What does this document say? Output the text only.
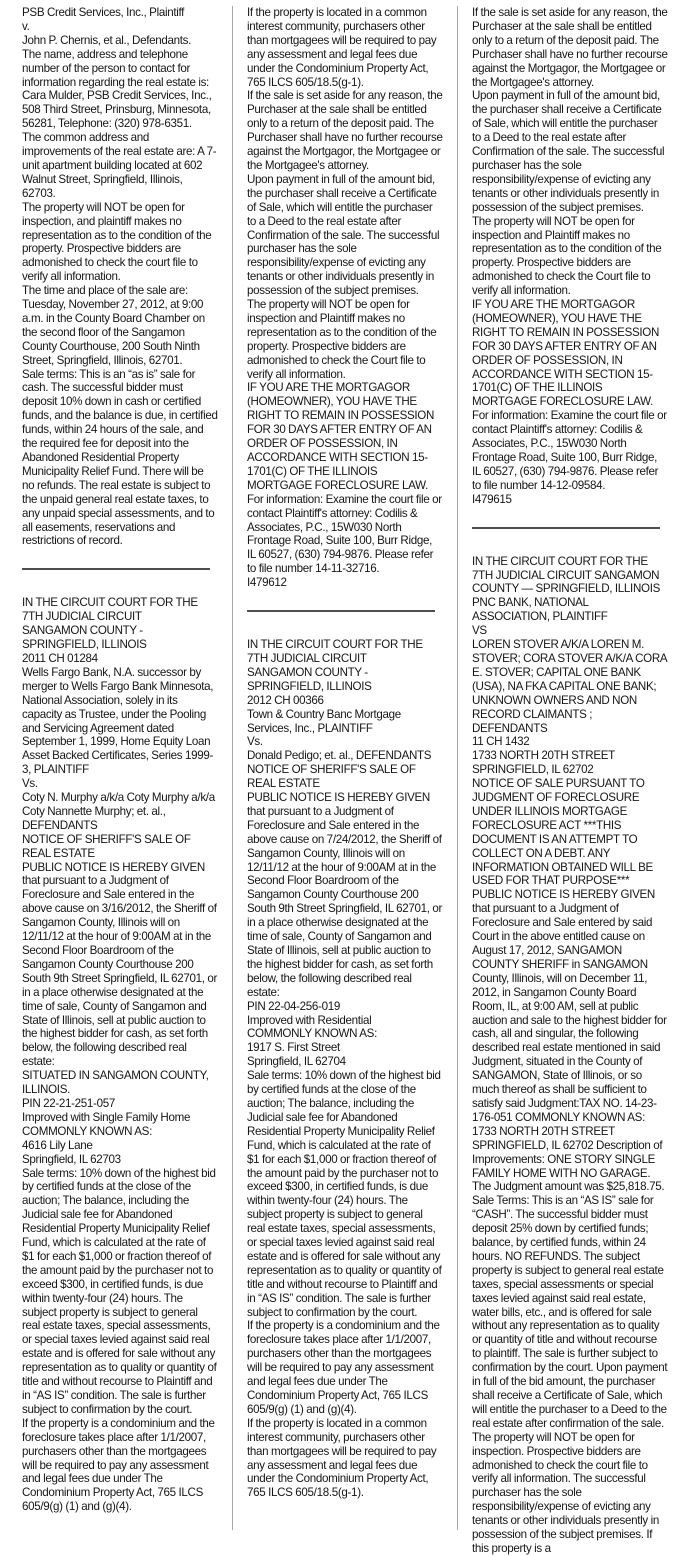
PSB Credit Services, Inc., Plaintiff

v.

John P. Chernis, et al., Defendants.

The name, address and telephone number of the person to contact for information regarding the real estate is: Cara Mulder, PSB Credit Services, Inc., 508 Third Street, Prinsburg, Minnesota, 56281, Telephone: (320) 978-6351.

The common address and improvements of the real estate are: A 7-unit apartment building located at 602 Walnut Street, Springfield, Illinois, 62703.

The property will NOT be open for inspection, and plaintiff makes no representation as to the condition of the property. Prospective bidders are admonished to check the court file to verify all information.

The time and place of the sale are: Tuesday, November 27, 2012, at 9:00 a.m. in the County Board Chamber on the second floor of the Sangamon County Courthouse, 200 South Ninth Street, Springfield, Illinois, 62701.

Sale terms: This is an “as is” sale for cash. The successful bidder must deposit 10% down in cash or certified funds, and the balance is due, in certified funds, within 24 hours of the sale, and the required fee for deposit into the Abandoned Residential Property Municipality Relief Fund. There will be no refunds. The real estate is subject to the unpaid general real estate taxes, to any unpaid special assessments, and to all easements, reservations and restrictions of record.

IN THE CIRCUIT COURT FOR THE 7TH JUDICIAL CIRCUIT

SANGAMON COUNTY - SPRINGFIELD, ILLINOIS

2011 CH 01284

Wells Fargo Bank, N.A. successor by merger to Wells Fargo Bank Minnesota, National Association, solely in its capacity as Trustee, under the Pooling and Servicing Agreement dated September 1, 1999, Home Equity Loan Asset Backed Certificates, Series 1999-3, PLAINTIFF

Vs.

Coty N. Murphy a/k/a Coty Murphy a/k/a Coty Nannette Murphy; et. al., DEFENDANTS

NOTICE OF SHERIFF'S SALE OF REAL ESTATE

PUBLIC NOTICE IS HEREBY GIVEN that pursuant to a Judgment of Foreclosure and Sale entered in the above cause on 3/16/2012, the Sheriff of Sangamon County, Illinois will on 12/11/12 at the hour of 9:00AM at in the Second Floor Boardroom of the Sangamon County Courthouse 200 South 9th Street Springfield, IL 62701, or in a place otherwise designated at the time of sale, County of Sangamon and State of Illinois, sell at public auction to the highest bidder for cash, as set forth below, the following described real estate:

SITUATED IN SANGAMON COUNTY, ILLINOIS.

PIN 22-21-251-057

Improved with Single Family Home

COMMONLY KNOWN AS:

4616 Lily Lane

Springfield, IL 62703

Sale terms: 10% down of the highest bid by certified funds at the close of the auction; The balance, including the Judicial sale fee for Abandoned Residential Property Municipality Relief Fund, which is calculated at the rate of $1 for each $1,000 or fraction thereof of the amount paid by the purchaser not to exceed $300, in certified funds, is due within twenty-four (24) hours. The subject property is subject to general real estate taxes, special assessments, or special taxes levied against said real estate and is offered for sale without any representation as to quality or quantity of title and without recourse to Plaintiff and in “AS IS” condition. The sale is further subject to confirmation by the court.

If the property is a condominium and the foreclosure takes place after 1/1/2007, purchasers other than the mortgagees will be required to pay any assessment and legal fees due under The Condominium Property Act, 765 ILCS 605/9(g) (1) and (g)(4).

If the property is located in a common interest community, purchasers other than mortgagees will be required to pay any assessment and legal fees due under the Condominium Property Act, 765 ILCS 605/18.5(g-1).

If the sale is set aside for any reason, the Purchaser at the sale shall be entitled only to a return of the deposit paid. The Purchaser shall have no further recourse against the Mortgagor, the Mortgagee or the Mortgagee's attorney.

Upon payment in full of the amount bid, the purchaser shall receive a Certificate of Sale, which will entitle the purchaser to a Deed to the real estate after Confirmation of the sale. The successful purchaser has the sole responsibility/expense of evicting any tenants or other individuals presently in possession of the subject premises.

The property will NOT be open for inspection and Plaintiff makes no representation as to the condition of the property. Prospective bidders are admonished to check the Court file to verify all information.

IF YOU ARE THE MORTGAGOR (HOMEOWNER), YOU HAVE THE RIGHT TO REMAIN IN POSSESSION FOR 30 DAYS AFTER ENTRY OF AN ORDER OF POSSESSION, IN ACCORDANCE WITH SECTION 15-1701(C) OF THE ILLINOIS MORTGAGE FORECLOSURE LAW.

For information: Examine the court file or contact Plaintiff's attorney: Codilis & Associates, P.C., 15W030 North Frontage Road, Suite 100, Burr Ridge, IL 60527, (630) 794-9876. Please refer to file number 14-11-32716.

I479612

IN THE CIRCUIT COURT FOR THE 7TH JUDICIAL CIRCUIT

SANGAMON COUNTY - SPRINGFIELD, ILLINOIS

2012 CH 00366

Town & Country Banc Mortgage Services, Inc., PLAINTIFF

Vs.

Donald Pedigo; et. al., DEFENDANTS

NOTICE OF SHERIFF'S SALE OF REAL ESTATE

PUBLIC NOTICE IS HEREBY GIVEN that pursuant to a Judgment of Foreclosure and Sale entered in the above cause on 7/24/2012, the Sheriff of Sangamon County, Illinois will on 12/11/12 at the hour of 9:00AM at in the Second Floor Boardroom of the Sangamon County Courthouse 200 South 9th Street Springfield, IL 62701, or in a place otherwise designated at the time of sale, County of Sangamon and State of Illinois, sell at public auction to the highest bidder for cash, as set forth below, the following described real estate:

PIN 22-04-256-019

Improved with Residential

COMMONLY KNOWN AS:

1917 S. First Street

Springfield, IL 62704

Sale terms: 10% down of the highest bid by certified funds at the close of the auction; The balance, including the Judicial sale fee for Abandoned Residential Property Municipality Relief Fund, which is calculated at the rate of $1 for each $1,000 or fraction thereof of the amount paid by the purchaser not to exceed $300, in certified funds, is due within twenty-four (24) hours. The subject property is subject to general real estate taxes, special assessments, or special taxes levied against said real estate and is offered for sale without any representation as to quality or quantity of title and without recourse to Plaintiff and in “AS IS” condition. The sale is further subject to confirmation by the court.

If the property is a condominium and the foreclosure takes place after 1/1/2007, purchasers other than the mortgagees will be required to pay any assessment and legal fees due under The Condominium Property Act, 765 ILCS 605/9(g) (1) and (g)(4).

If the property is located in a common interest community, purchasers other than mortgagees will be required to pay any assessment and legal fees due under the Condominium Property Act, 765 ILCS 605/18.5(g-1).

If the sale is set aside for any reason, the Purchaser at the sale shall be entitled only to a return of the deposit paid. The Purchaser shall have no further recourse against the Mortgagor, the Mortgagee or the Mortgagee's attorney.

Upon payment in full of the amount bid, the purchaser shall receive a Certificate of Sale, which will entitle the purchaser to a Deed to the real estate after Confirmation of the sale. The successful purchaser has the sole responsibility/expense of evicting any tenants or other individuals presently in possession of the subject premises.

The property will NOT be open for inspection and Plaintiff makes no representation as to the condition of the property. Prospective bidders are admonished to check the Court file to verify all information.

IF YOU ARE THE MORTGAGOR (HOMEOWNER), YOU HAVE THE RIGHT TO REMAIN IN POSSESSION FOR 30 DAYS AFTER ENTRY OF AN ORDER OF POSSESSION, IN ACCORDANCE WITH SECTION 15-1701(C) OF THE ILLINOIS MORTGAGE FORECLOSURE LAW.

For information: Examine the court file or contact Plaintiff's attorney: Codilis & Associates, P.C., 15W030 North Frontage Road, Suite 100, Burr Ridge, IL 60527, (630) 794-9876. Please refer to file number 14-12-09584.

I479615

IN THE CIRCUIT COURT FOR THE 7TH JUDICIAL CIRCUIT SANGAMON COUNTY — SPRINGFIELD, ILLINOIS

PNC BANK, NATIONAL ASSOCIATION, PLAINTIFF

VS

LOREN STOVER A/K/A LOREN M. STOVER; CORA STOVER A/K/A CORA E. STOVER; CAPITAL ONE BANK (USA), NA FKA CAPITAL ONE BANK; UNKNOWN OWNERS AND NON RECORD CLAIMANTS ;

DEFENDANTS

11 CH 1432

1733 NORTH 20TH STREET SPRINGFIELD, IL 62702

NOTICE OF SALE PURSUANT TO JUDGMENT OF FORECLOSURE UNDER ILLINOIS MORTGAGE FORECLOSURE ACT ***THIS DOCUMENT IS AN ATTEMPT TO COLLECT ON A DEBT. ANY INFORMATION OBTAINED WILL BE USED FOR THAT PURPOSE*** PUBLIC NOTICE IS HEREBY GIVEN that pursuant to a Judgment of Foreclosure and Sale entered by said Court in the above entitled cause on August 17, 2012, SANGAMON COUNTY SHERIFF in SANGAMON County, Illinois, will on December 11, 2012, in Sangamon County Board Room, IL, at 9:00 AM, sell at public auction and sale to the highest bidder for cash, all and singular, the following described real estate mentioned in said Judgment, situated in the County of SANGAMON, State of Illinois, or so much thereof as shall be sufficient to satisfy said Judgment:TAX NO. 14-23-176-051 COMMONLY KNOWN AS: 1733 NORTH 20TH STREET SPRINGFIELD, IL 62702 Description of Improvements: ONE STORY SINGLE FAMILY HOME WITH NO GARAGE. The Judgment amount was $25,818.75. Sale Terms: This is an “AS IS” sale for “CASH”. The successful bidder must deposit 25% down by certified funds; balance, by certified funds, within 24 hours. NO REFUNDS. The subject property is subject to general real estate taxes, special assessments or special taxes levied against said real estate, water bills, etc., and is offered for sale without any representation as to quality or quantity of title and without recourse to plaintiff. The sale is further subject to confirmation by the court. Upon payment in full of the bid amount, the purchaser shall receive a Certificate of Sale, which will entitle the purchaser to a Deed to the real estate after confirmation of the sale. The property will NOT be open for inspection. Prospective bidders are admonished to check the court file to verify all information. The successful purchaser has the sole responsibility/expense of evicting any tenants or other individuals presently in possession of the subject premises. If this property is a
